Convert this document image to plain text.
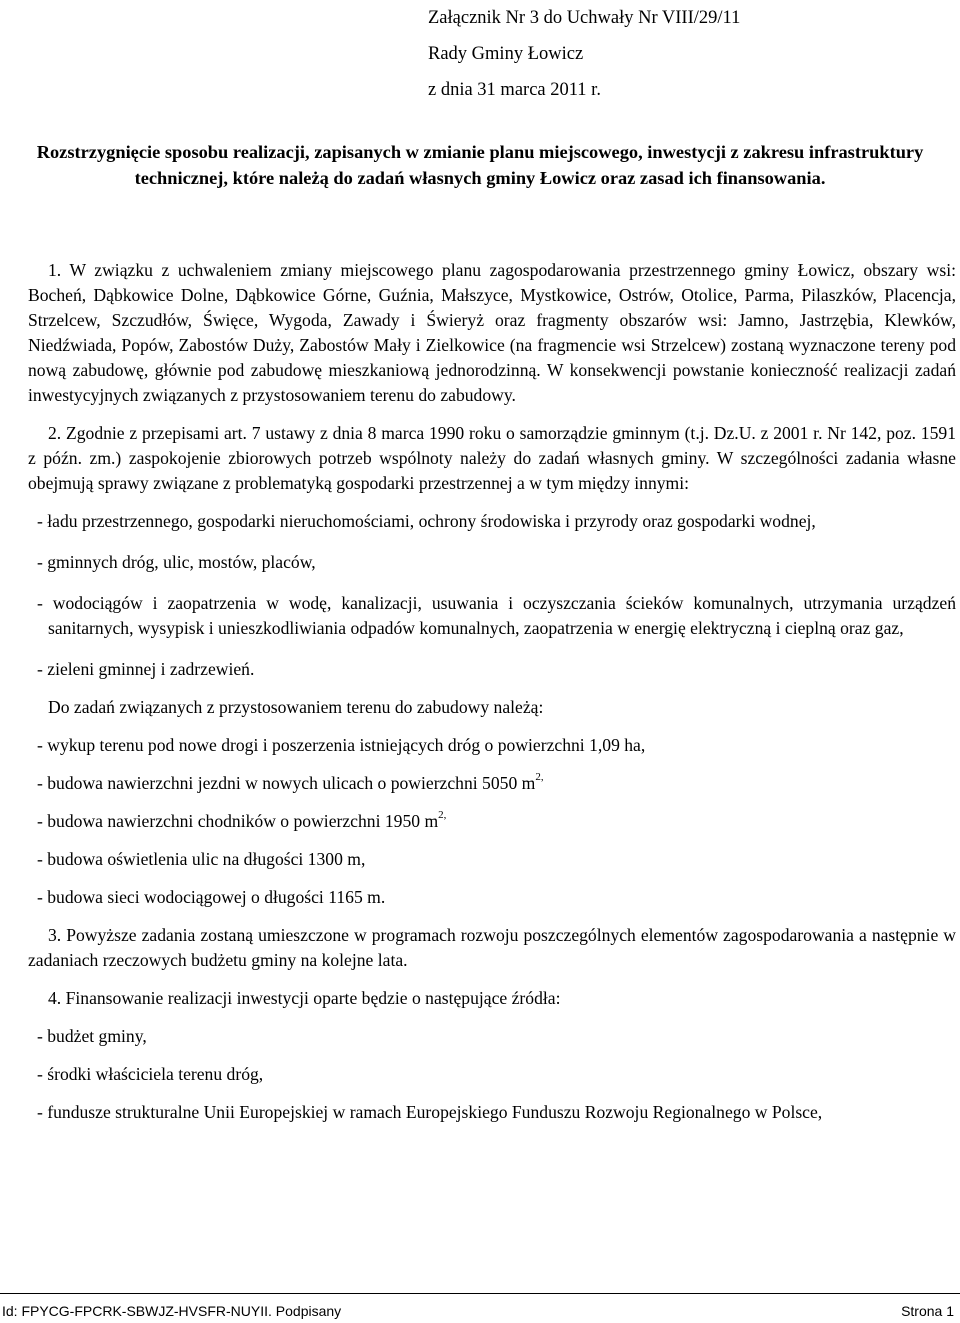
Załącznik Nr 3 do Uchwały Nr VIII/29/11
Rady Gminy Łowicz
z dnia 31 marca 2011 r.
Rozstrzygnięcie sposobu realizacji, zapisanych w zmianie planu miejscowego, inwestycji z zakresu infrastruktury technicznej, które należą do zadań własnych gminy Łowicz oraz zasad ich finansowania.

1. W związku z uchwaleniem zmiany miejscowego planu zagospodarowania przestrzennego gminy Łowicz, obszary wsi: Bocheń, Dąbkowice Dolne, Dąbkowice Górne, Guźnia, Małszyce, Mystkowice, Ostrów, Otolice, Parma, Pilaszków, Placencja, Strzelcew, Szczudłów, Święce, Wygoda, Zawady i Świeryż oraz fragmenty obszarów wsi: Jamno, Jastrzębia, Klewków, Niedźwiada, Popów, Zabostów Duży, Zabostów Mały i Zielkowice (na fragmencie wsi Strzelcew) zostaną wyznaczone tereny pod nową zabudowę, głównie pod zabudowę mieszkaniową jednorodzinną. W konsekwencji powstanie konieczność realizacji zadań inwestycyjnych związanych z przystosowaniem terenu do zabudowy.

2. Zgodnie z przepisami art. 7 ustawy z dnia 8 marca 1990 roku o samorządzie gminnym (t.j. Dz.U. z 2001 r. Nr 142, poz. 1591 z późn. zm.) zaspokojenie zbiorowych potrzeb wspólnoty należy do zadań własnych gminy. W szczególności zadania własne obejmują sprawy związane z problematyką gospodarki przestrzennej a w tym między innymi:

- ładu przestrzennego, gospodarki nieruchomościami, ochrony środowiska i przyrody oraz gospodarki wodnej,

- gminnych dróg, ulic, mostów, placów,

- wodociągów i zaopatrzenia w wodę, kanalizacji, usuwania i oczyszczania ścieków komunalnych, utrzymania urządzeń sanitarnych, wysypisk i unieszkodliwiania odpadów komunalnych, zaopatrzenia w energię elektryczną i cieplną oraz gaz,

- zieleni gminnej i zadrzewień.

Do zadań związanych z przystosowaniem terenu do zabudowy należą:

- wykup terenu pod nowe drogi i poszerzenia istniejących dróg o powierzchni 1,09 ha,

- budowa nawierzchni jezdni w nowych ulicach o powierzchni 5050 $m^{2,}$

- budowa nawierzchni chodników o powierzchni 1950 $m^{2,}$

- budowa oświetlenia ulic na długości 1300 m,

- budowa sieci wodociągowej o długości 1165 m.

3. Powyższe zadania zostaną umieszczone w programach rozwoju poszczególnych elementów zagospodarowania a następnie w zadaniach rzeczowych budżetu gminy na kolejne lata.

4. Finansowanie realizacji inwestycji oparte będzie o następujące źródła:

- budżet gminy,

- środki właściciela terenu dróg,

- fundusze strukturalne Unii Europejskiej w ramach Europejskiego Funduszu Rozwoju Regionalnego w Polsce,

Id: FPYCG-FPCRK-SBWJZ-HVSFR-NUYII. Podpisany	Strona 1
